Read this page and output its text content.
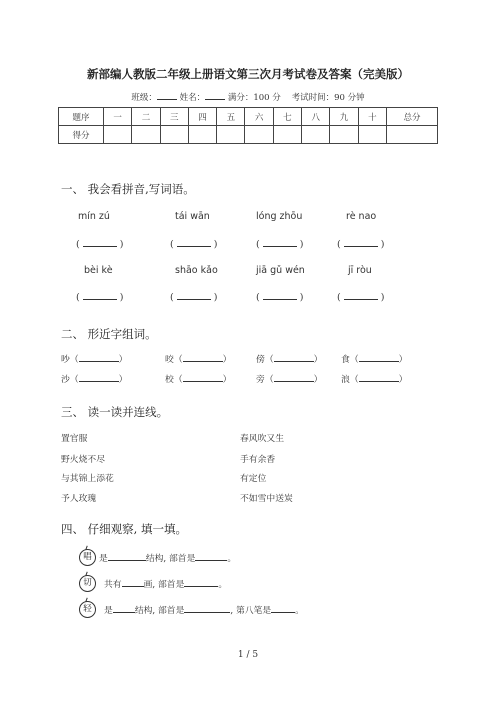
新部编人教版二年级上册语文第三次月考试卷及答案（完美版）
班级：	姓名：	满分：100 分 考试时间：90 分钟
题序	一	二	三	四	五	六	七	八	九	十	总分
得分											
一、 我会看拼音,写词语。
mín zú	tái wān	lóng zhōu	rè nao
(	)	(	)	(	)	(	)
bèi kè	shāo kǎo	jiā gǔ wén	jī ròu
(	)	(	)	(	)	(	)
二、 形近字组词。
吵（	）	咬（	）	傍（	） 食（	）
沙（	）	校（	）	旁（	） 浪（	）
三、 读一读并连线。
置官服
野火烧不尽
与其锦上添花
予人玫瑰
春风吹又生
手有余香
有定位
不如雪中送炭
四、 仔细观察, 填一填。
唱 是	结构, 部首是	。
切	共有	画, 部首是	。
轻	是	结构, 部首是	, 第八笔是	。
1 / 5
